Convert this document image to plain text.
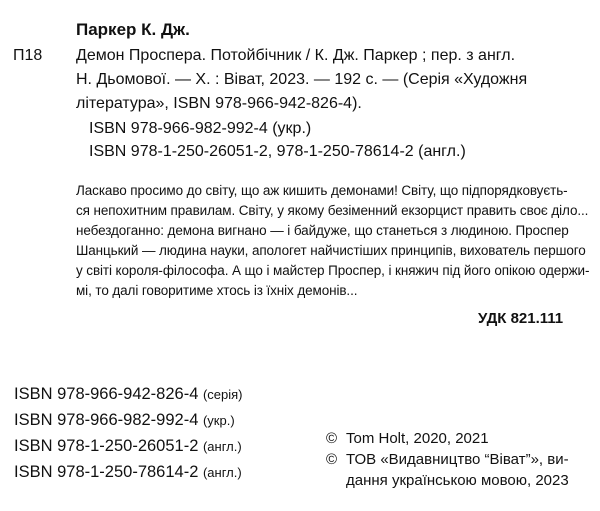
Паркер К. Дж.
П18 Демон Проспера. Потойбічник / К. Дж. Паркер ; пер. з англ.
Н. Дьомової. — Х. : Віват, 2023. — 192 с. — (Серія «Художня
література», ISBN 978-966-942-826-4).
ISBN 978-966-982-992-4 (укр.)
ISBN 978-1-250-26051-2, 978-1-250-78614-2 (англ.)
Ласкаво просимо до світу, що аж кишить демонами! Світу, що підпорядковуєть-
ся непохитним правилам. Світу, у якому безіменний екзорцист править своє діло...
небездоганно: демона вигнано — і байдуже, що станеться з людиною. Проспер
Шанцький — людина науки, апологет найчистіших принципів, вихователь першого
у світі короля-філософа. А що і майстер Проспер, і княжич під його опікою одержи-
мі, то далі говоритиме хтось із їхніх демонів...
УДК 821.111
ISBN 978-966-942-826-4 (серія)
ISBN 978-966-982-992-4 (укр.)
ISBN 978-1-250-26051-2 (англ.)
ISBN 978-1-250-78614-2 (англ.)
© Tom Holt, 2020, 2021
© ТОВ «Видавництво “Віват”», ви-
дання українською мовою, 2023
